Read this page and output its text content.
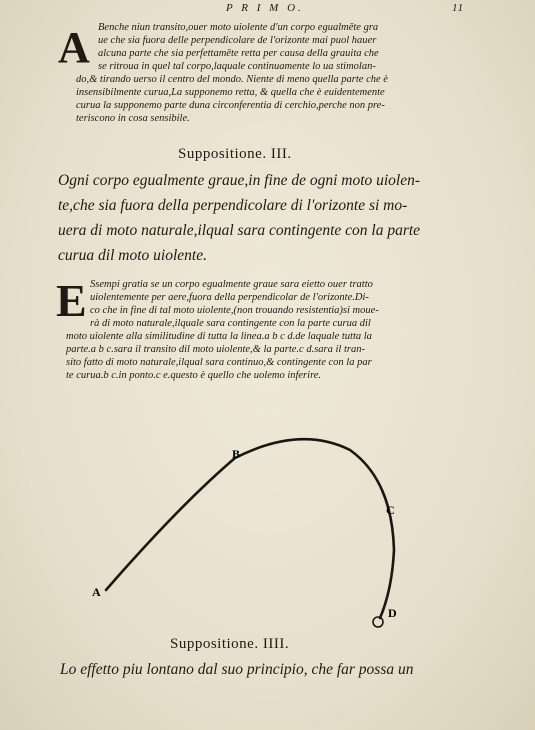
P R I M O.	11
A Benche niun transito,ouer moto uiolente d'un corpo egualmēte gra
ue che sia fuora delle perpendicolare de l'orizonte mai puol hauer
alcuna parte che sia perfettamēte retta per causa della grauita che
se ritroua in quel tal corpo,laquale continuamente lo ua stimolan-
do,& tirando uerso il centro del mondo. Niente di meno quella parte che è
insensibilmente curua,La supponemo retta, & quella che è euidentemente
curua la supponemo parte duna circonferentia di cerchio,perche non pre-
teriscono in cosa sensibile.
Suppositione. III.
Ogni corpo egualmente graue,in fine de ogni moto uiolen-
te,che sia fuora della perpendicolare di l'orizonte si mo-
uera di moto naturale,ilqual sara contingente con la parte
curua dil moto uiolente.
E Ssempi gratia se un corpo egualmente graue sara eietto ouer tratto
uiolentemente per aere,fuora della perpendicolar de l'orizonte.Di-
co che in fine di tal moto uiolente,(non trouando resistentia)si moue-
rà di moto naturale,ilquale sara contingente con la parte curua dil
moto uiolente alla similitudine di tutta la linea.a b c d.de laquale tutta la
parte.a b c.sara il transito dil moto uiolente,& la parte.c d.sara il tran-
sito fatto di moto naturale,ilqual sara continuo,& contingente con la par
te curua.b c.in ponto.c e.questo è quello che uolemo inferire.
A
B
C
D
Suppositione. IIII.
Lo effetto piu lontano dal suo principio, che far possa un
